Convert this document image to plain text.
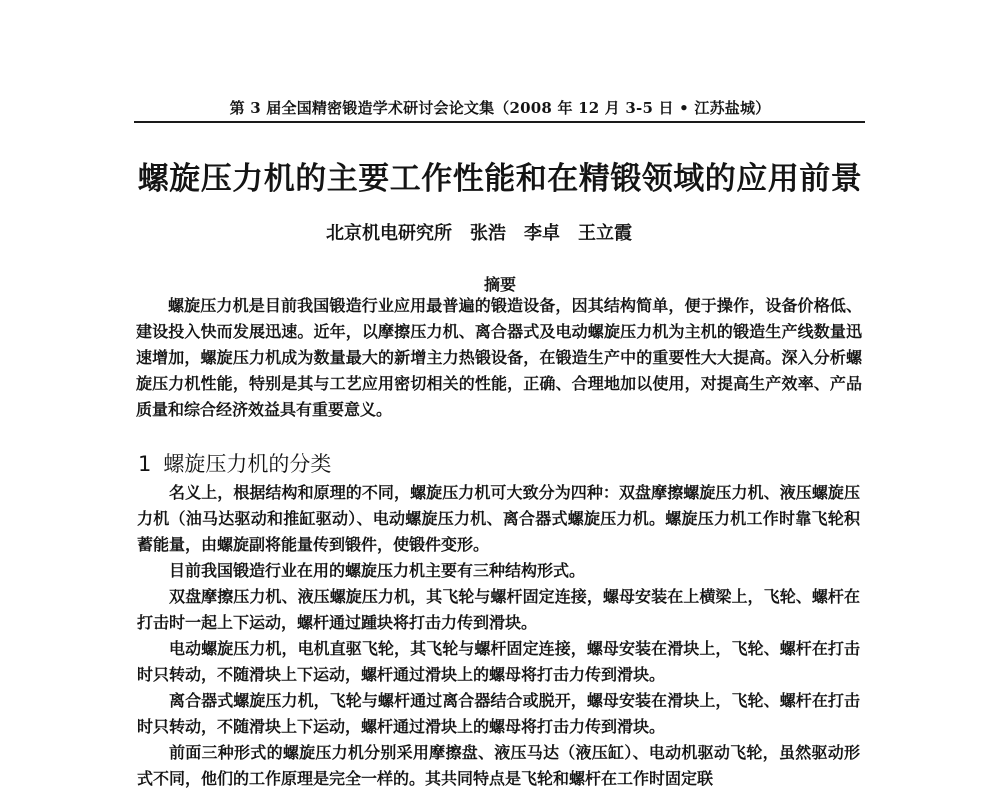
第 3 届全国精密锻造学术研讨会论文集（2008 年 12 月 3-5 日 • 江苏盐城）
螺旋压力机的主要工作性能和在精锻领域的应用前景
北京机电研究所 张浩 李卓 王立霞
摘要

螺旋压力机是目前我国锻造行业应用最普遍的锻造设备，因其结构简单，便于操作，设备价格低、建设投入快而发展迅速。近年，以摩擦压力机、离合器式及电动螺旋压力机为主机的锻造生产线数量迅速增加，螺旋压力机成为数量最大的新增主力热锻设备，在锻造生产中的重要性大大提高。深入分析螺旋压力机性能，特别是其与工艺应用密切相关的性能，正确、合理地加以使用，对提高生产效率、产品质量和综合经济效益具有重要意义。

1 螺旋压力机的分类

名义上，根据结构和原理的不同，螺旋压力机可大致分为四种：双盘摩擦螺旋压力机、液压螺旋压力机（油马达驱动和推缸驱动）、电动螺旋压力机、离合器式螺旋压力机。螺旋压力机工作时靠飞轮积蓄能量，由螺旋副将能量传到锻件，使锻件变形。

目前我国锻造行业在用的螺旋压力机主要有三种结构形式。

双盘摩擦压力机、液压螺旋压力机，其飞轮与螺杆固定连接，螺母安装在上横梁上，飞轮、螺杆在打击时一起上下运动，螺杆通过踵块将打击力传到滑块。

电动螺旋压力机，电机直驱飞轮，其飞轮与螺杆固定连接，螺母安装在滑块上，飞轮、螺杆在打击时只转动，不随滑块上下运动，螺杆通过滑块上的螺母将打击力传到滑块。

离合器式螺旋压力机，飞轮与螺杆通过离合器结合或脱开，螺母安装在滑块上，飞轮、螺杆在打击时只转动，不随滑块上下运动，螺杆通过滑块上的螺母将打击力传到滑块。

前面三种形式的螺旋压力机分别采用摩擦盘、液压马达（液压缸）、电动机驱动飞轮，虽然驱动形式不同，他们的工作原理是完全一样的。其共同特点是飞轮和螺杆在工作时固定联
